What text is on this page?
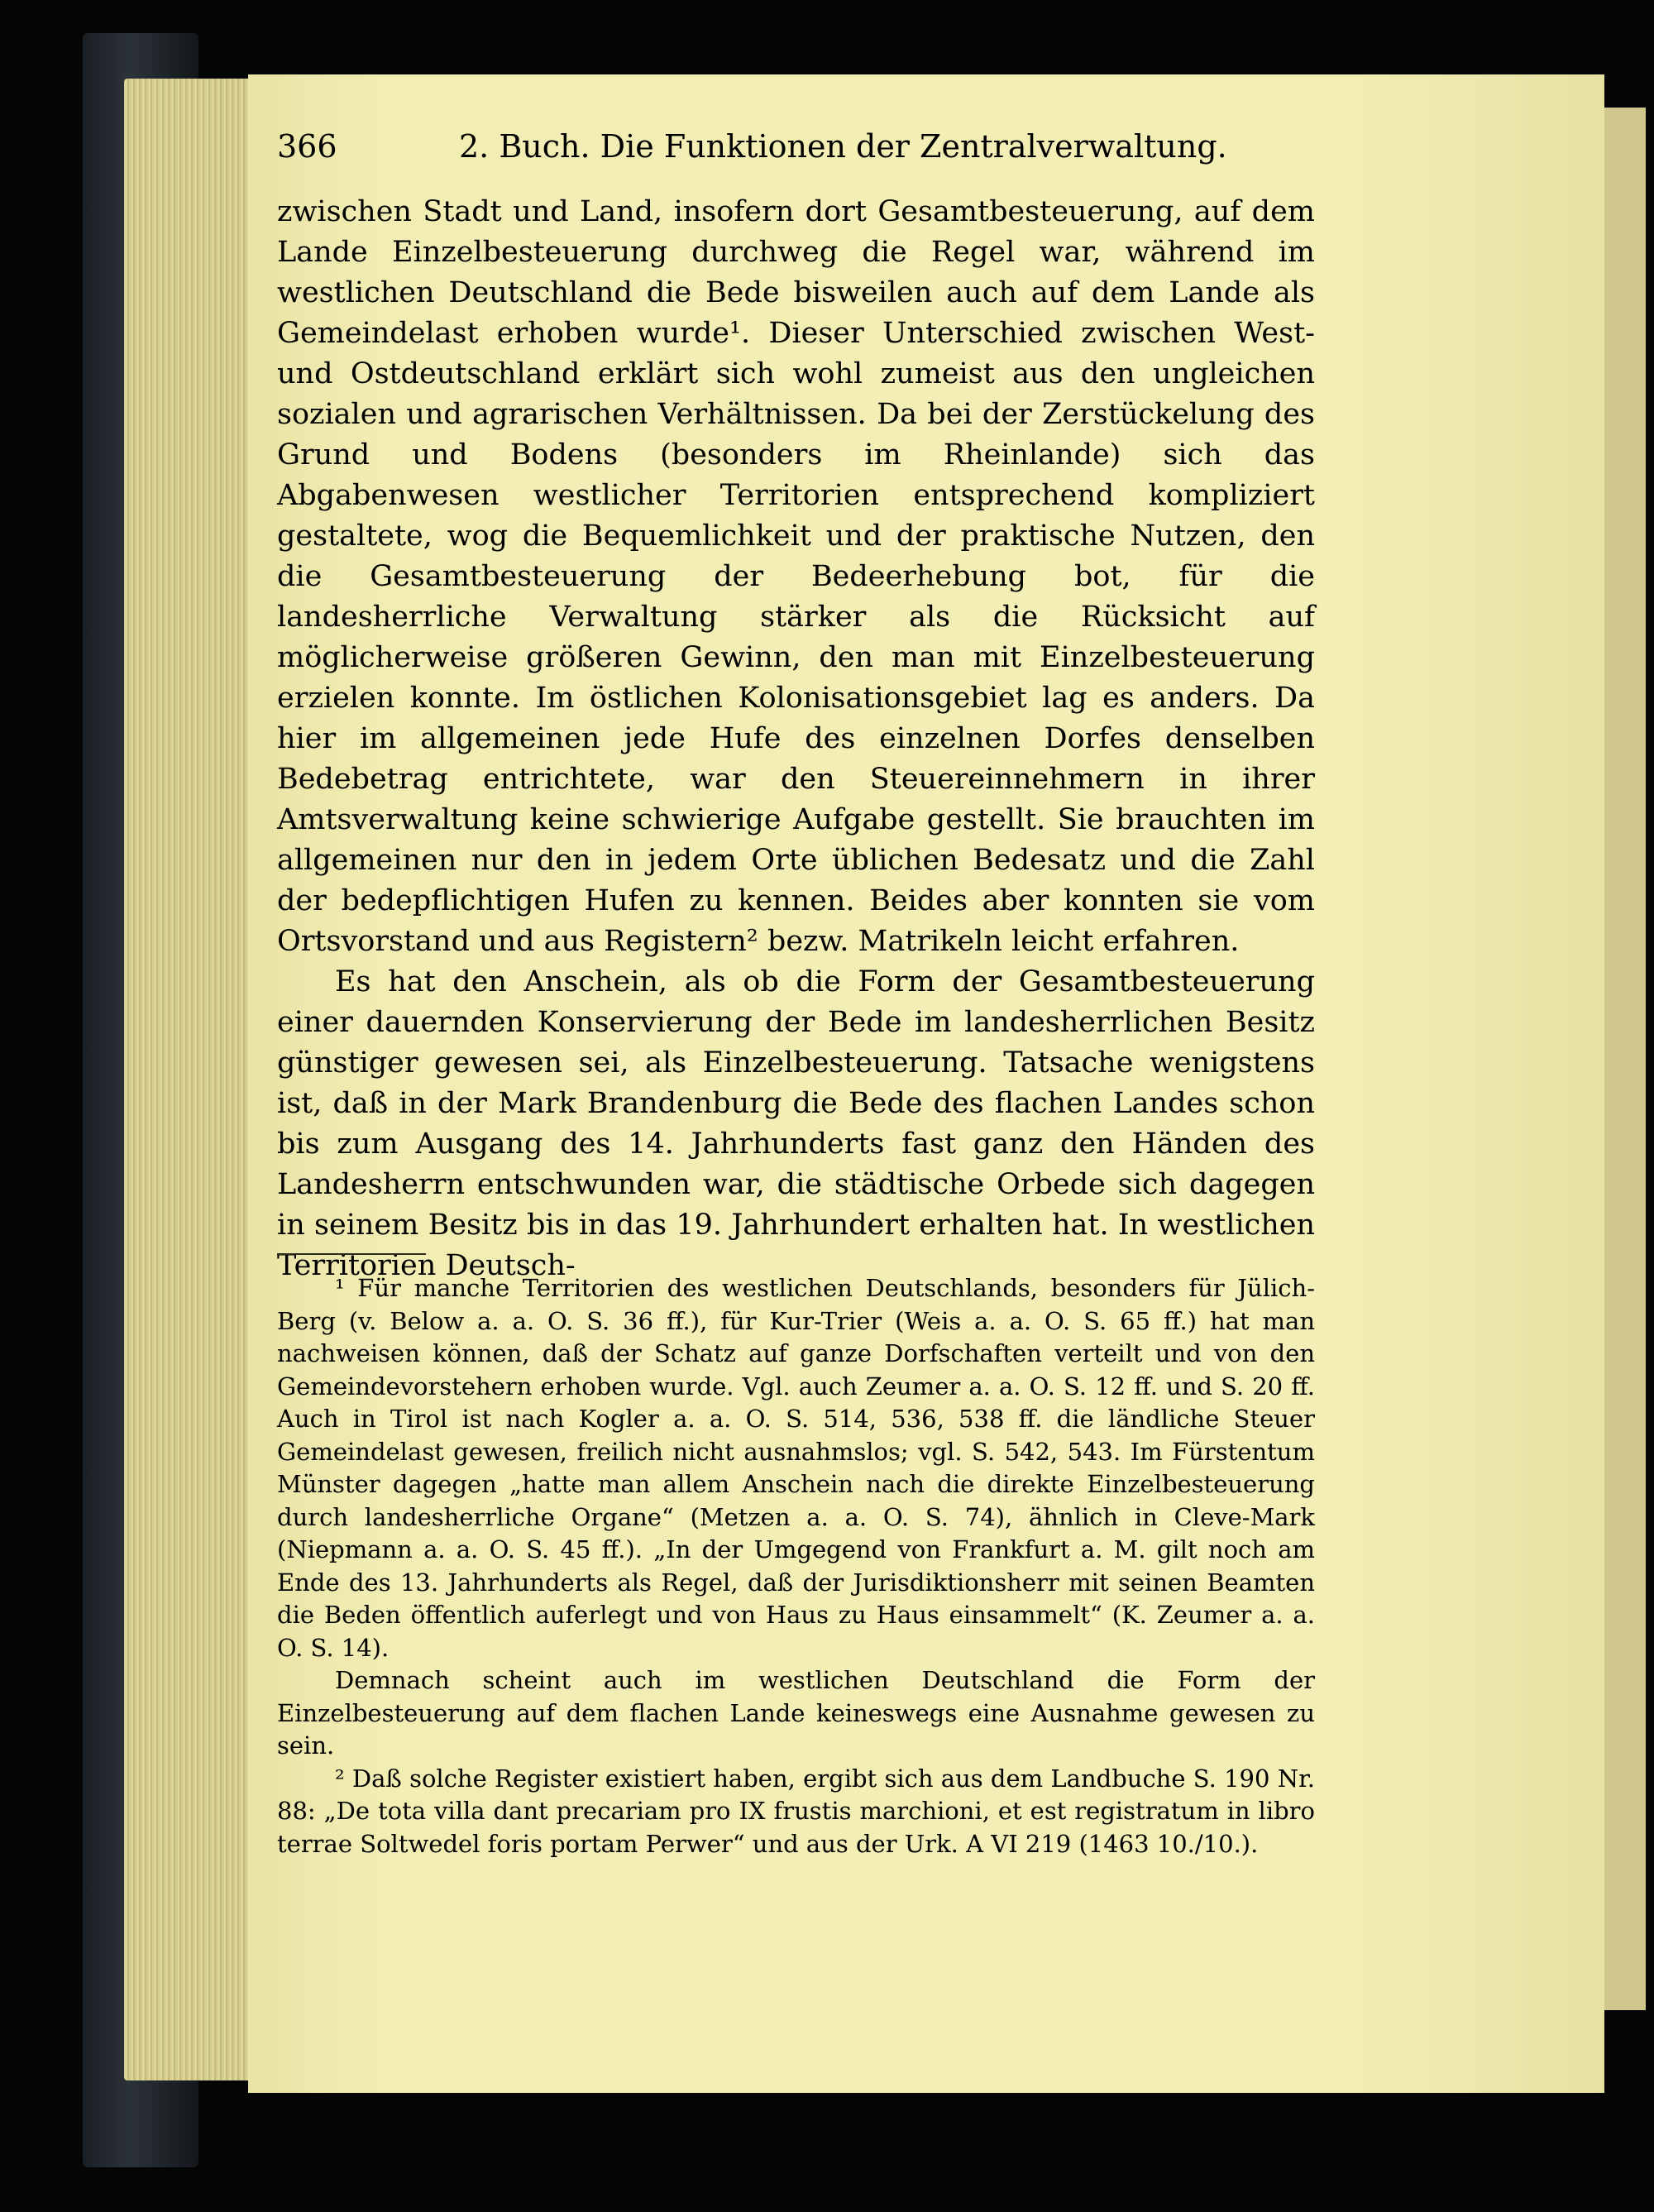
366	2. Buch. Die Funktionen der Zentralverwaltung.

zwischen Stadt und Land, insofern dort Gesamtbesteuerung, auf dem Lande Einzelbesteuerung durchweg die Regel war, während im westlichen Deutschland die Bede bisweilen auch auf dem Lande als Gemeindelast erhoben wurde¹. Dieser Unterschied zwischen West- und Ostdeutschland erklärt sich wohl zumeist aus den ungleichen sozialen und agrarischen Verhältnissen. Da bei der Zerstückelung des Grund und Bodens (besonders im Rheinlande) sich das Abgabenwesen westlicher Territorien entsprechend kompliziert gestaltete, wog die Bequemlichkeit und der praktische Nutzen, den die Gesamtbesteuerung der Bedeerhebung bot, für die landesherrliche Verwaltung stärker als die Rücksicht auf möglicherweise größeren Gewinn, den man mit Einzelbesteuerung erzielen konnte. Im östlichen Kolonisationsgebiet lag es anders. Da hier im allgemeinen jede Hufe des einzelnen Dorfes denselben Bedebetrag entrichtete, war den Steuereinnehmern in ihrer Amtsverwaltung keine schwierige Aufgabe gestellt. Sie brauchten im allgemeinen nur den in jedem Orte üblichen Bedesatz und die Zahl der bedepflichtigen Hufen zu kennen. Beides aber konnten sie vom Ortsvorstand und aus Registern² bezw. Matrikeln leicht erfahren.

Es hat den Anschein, als ob die Form der Gesamtbesteuerung einer dauernden Konservierung der Bede im landesherrlichen Besitz günstiger gewesen sei, als Einzelbesteuerung. Tatsache wenigstens ist, daß in der Mark Brandenburg die Bede des flachen Landes schon bis zum Ausgang des 14. Jahrhunderts fast ganz den Händen des Landesherrn entschwunden war, die städtische Orbede sich dagegen in seinem Besitz bis in das 19. Jahrhundert erhalten hat. In westlichen Territorien Deutsch-

¹ Für manche Territorien des westlichen Deutschlands, besonders für Jülich-Berg (v. Below a. a. O. S. 36 ff.), für Kur-Trier (Weis a. a. O. S. 65 ff.) hat man nachweisen können, daß der Schatz auf ganze Dorfschaften verteilt und von den Gemeindevorstehern erhoben wurde. Vgl. auch Zeumer a. a. O. S. 12 ff. und S. 20 ff. Auch in Tirol ist nach Kogler a. a. O. S. 514, 536, 538 ff. die ländliche Steuer Gemeindelast gewesen, freilich nicht ausnahmslos; vgl. S. 542, 543. Im Fürstentum Münster dagegen „hatte man allem Anschein nach die direkte Einzelbesteuerung durch landesherrliche Organe“ (Metzen a. a. O. S. 74), ähnlich in Cleve-Mark (Niepmann a. a. O. S. 45 ff.). „In der Umgegend von Frankfurt a. M. gilt noch am Ende des 13. Jahrhunderts als Regel, daß der Jurisdiktionsherr mit seinen Beamten die Beden öffentlich auferlegt und von Haus zu Haus einsammelt“ (K. Zeumer a. a. O. S. 14).

Demnach scheint auch im westlichen Deutschland die Form der Einzelbesteuerung auf dem flachen Lande keineswegs eine Ausnahme gewesen zu sein.

² Daß solche Register existiert haben, ergibt sich aus dem Landbuche S. 190 Nr. 88: „De tota villa dant precariam pro IX frustis marchioni, et est registratum in libro terrae Soltwedel foris portam Perwer“ und aus der Urk. A VI 219 (1463 10./10.).
